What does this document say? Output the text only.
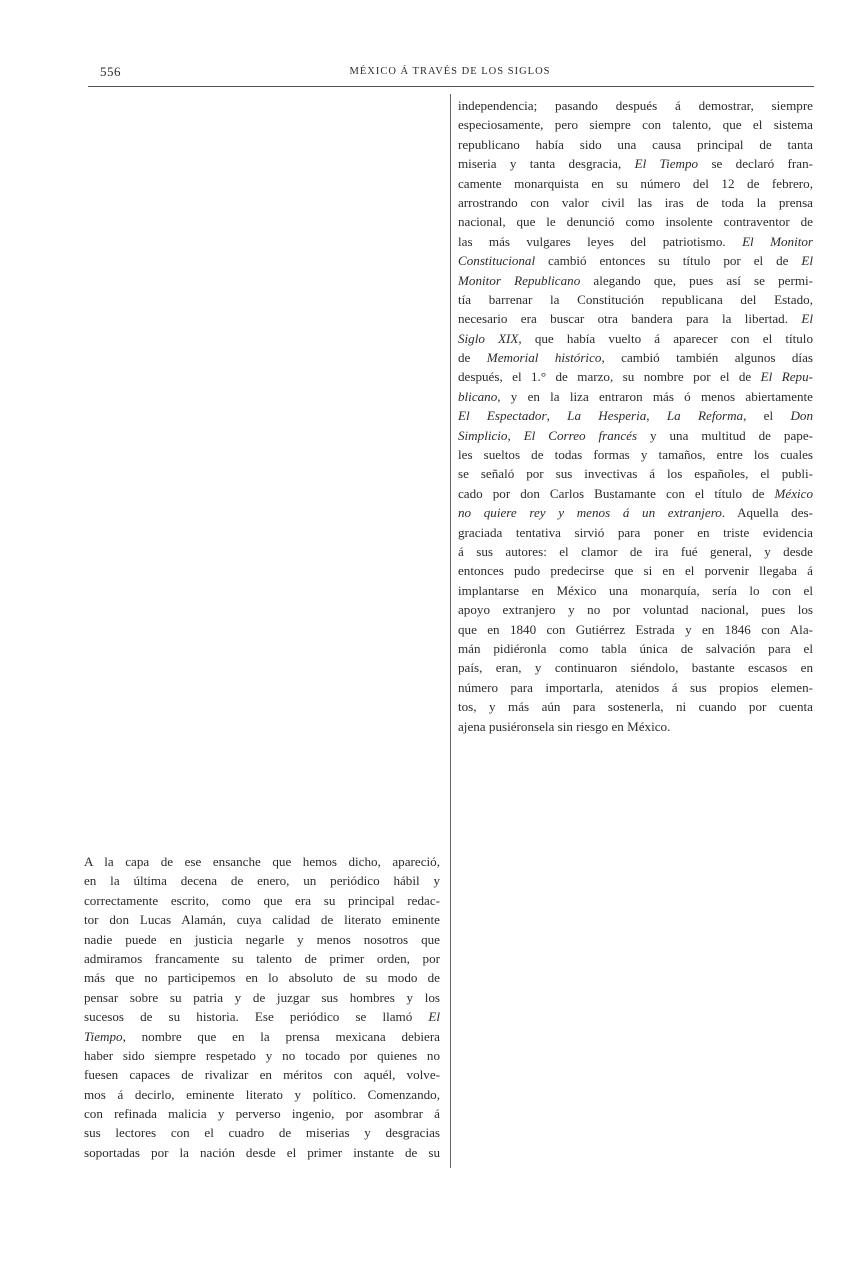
556	MÉXICO Á TRAVÉS DE LOS SIGLOS
independencia; pasando después á demostrar, siempre
especiosamente, pero siempre con talento, que el sistema
republicano había sido una causa principal de tanta
miseria y tanta desgracia, El Tiempo se declaró fran-
camente monarquista en su número del 12 de febrero,
arrostrando con valor civil las iras de toda la prensa
nacional, que le denunció como insolente contraventor de
las más vulgares leyes del patriotismo. El Monitor
Constitucional cambió entonces su título por el de El
Monitor Republicano alegando que, pues así se permi-
tía barrenar la Constitución republicana del Estado,
necesario era buscar otra bandera para la libertad. El
Siglo XIX, que había vuelto á aparecer con el título
de Memorial histórico, cambió también algunos días
después, el 1.° de marzo, su nombre por el de El Repu-
blicano, y en la liza entraron más ó menos abiertamente
El Espectador, La Hesperia, La Reforma, el Don
Simplicio, El Correo francés y una multitud de pape-
les sueltos de todas formas y tamaños, entre los cuales
se señaló por sus invectivas á los españoles, el publi-
cado por don Carlos Bustamante con el título de México
no quiere rey y menos á un extranjero. Aquella des-
graciada tentativa sirvió para poner en triste evidencia
á sus autores: el clamor de ira fué general, y desde
entonces pudo predecirse que si en el porvenir llegaba á
implantarse en México una monarquía, sería lo con el
apoyo extranjero y no por voluntad nacional, pues los
que en 1840 con Gutiérrez Estrada y en 1846 con Ala-
mán pidiéronla como tabla única de salvación para el
país, eran, y continuaron siéndolo, bastante escasos en
número para importarla, atenidos á sus propios elemen-
tos, y más aún para sostenerla, ni cuando por cuenta
ajena pusiéronsela sin riesgo en México.
A la capa de ese ensanche que hemos dicho, apareció,
en la última decena de enero, un periódico hábil y
correctamente escrito, como que era su principal redac-
tor don Lucas Alamán, cuya calidad de literato eminente
nadie puede en justicia negarle y menos nosotros que
admiramos francamente su talento de primer orden, por
más que no participemos en lo absoluto de su modo de
pensar sobre su patria y de juzgar sus hombres y los
sucesos de su historia. Ese periódico se llamó El
Tiempo, nombre que en la prensa mexicana debiera
haber sido siempre respetado y no tocado por quienes no
fuesen capaces de rivalizar en méritos con aquél, volve-
mos á decirlo, eminente literato y político. Comenzando,
con refinada malicia y perverso ingenio, por asombrar á
sus lectores con el cuadro de miserias y desgracias
soportadas por la nación desde el primer instante de su
